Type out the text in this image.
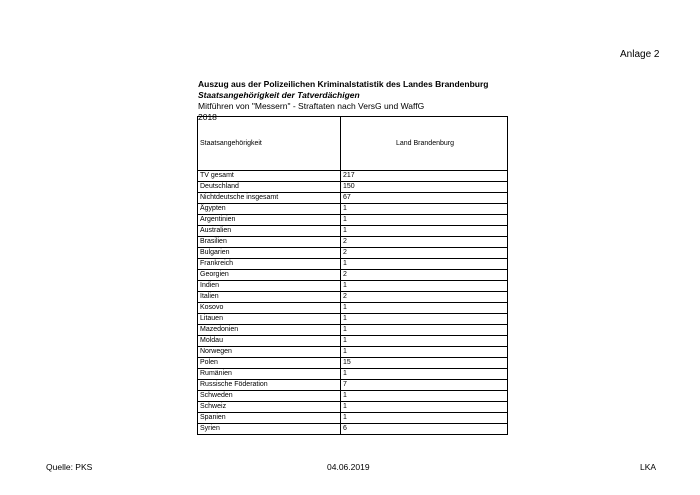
Anlage 2
Auszug aus der Polizeilichen Kriminalstatistik des Landes Brandenburg
Staatsangehörigkeit der Tatverdächigen
Mitführen von "Messern" - Straftaten nach VersG und WaffG
2018
Staatsangehörigkeit	Land Brandenburg
TV gesamt	217
Deutschland	150
Nichtdeutsche insgesamt	67
Ägypten	1
Argentinien	1
Australien	1
Brasilien	2
Bulgarien	2
Frankreich	1
Georgien	2
Indien	1
Italien	2
Kosovo	1
Litauen	1
Mazedonien	1
Moldau	1
Norwegen	1
Polen	15
Rumänien	1
Russische Föderation	7
Schweden	1
Schweiz	1
Spanien	1
Syrien	6
Quelle: PKS	04.06.2019	LKA
